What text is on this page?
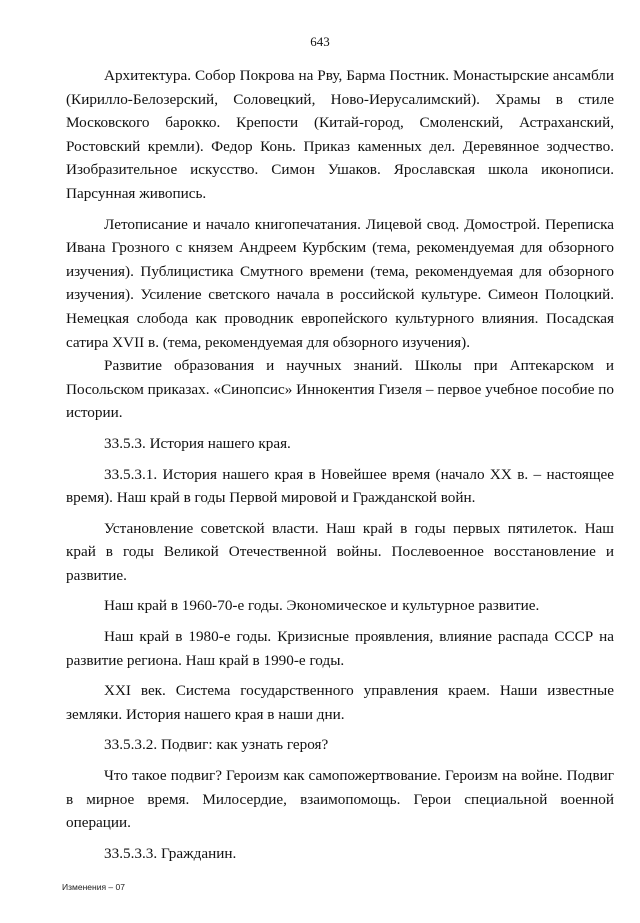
643

Архитектура. Собор Покрова на Рву, Барма Постник. Монастырские ансамбли (Кирилло-Белозерский, Соловецкий, Ново-Иерусалимский). Храмы в стиле Московского барокко. Крепости (Китай-город, Смоленский, Астраханский, Ростовский кремли). Федор Конь. Приказ каменных дел. Деревянное зодчество. Изобразительное искусство. Симон Ушаков. Ярославская школа иконописи. Парсунная живопись.

Летописание и начало книгопечатания. Лицевой свод. Домострой. Переписка Ивана Грозного с князем Андреем Курбским (тема, рекомендуемая для обзорного изучения). Публицистика Смутного времени (тема, рекомендуемая для обзорного изучения). Усиление светского начала в российской культуре. Симеон Полоцкий. Немецкая слобода как проводник европейского культурного влияния. Посадская сатира XVII в. (тема, рекомендуемая для обзорного изучения).

Развитие образования и научных знаний. Школы при Аптекарском и Посольском приказах. «Синопсис» Иннокентия Гизеля – первое учебное пособие по истории.

33.5.3. История нашего края.

33.5.3.1. История нашего края в Новейшее время (начало XX в. – настоящее время). Наш край в годы Первой мировой и Гражданской войн.

Установление советской власти. Наш край в годы первых пятилеток. Наш край в годы Великой Отечественной войны. Послевоенное восстановление и развитие.

Наш край в 1960-70-е годы. Экономическое и культурное развитие.

Наш край в 1980-е годы. Кризисные проявления, влияние распада СССР на развитие региона. Наш край в 1990-е годы.

XXI век. Система государственного управления краем. Наши известные земляки. История нашего края в наши дни.

33.5.3.2. Подвиг: как узнать героя?

Что такое подвиг? Героизм как самопожертвование. Героизм на войне. Подвиг в мирное время. Милосердие, взаимопомощь. Герои специальной военной операции.

33.5.3.3. Гражданин.

Изменения – 07
